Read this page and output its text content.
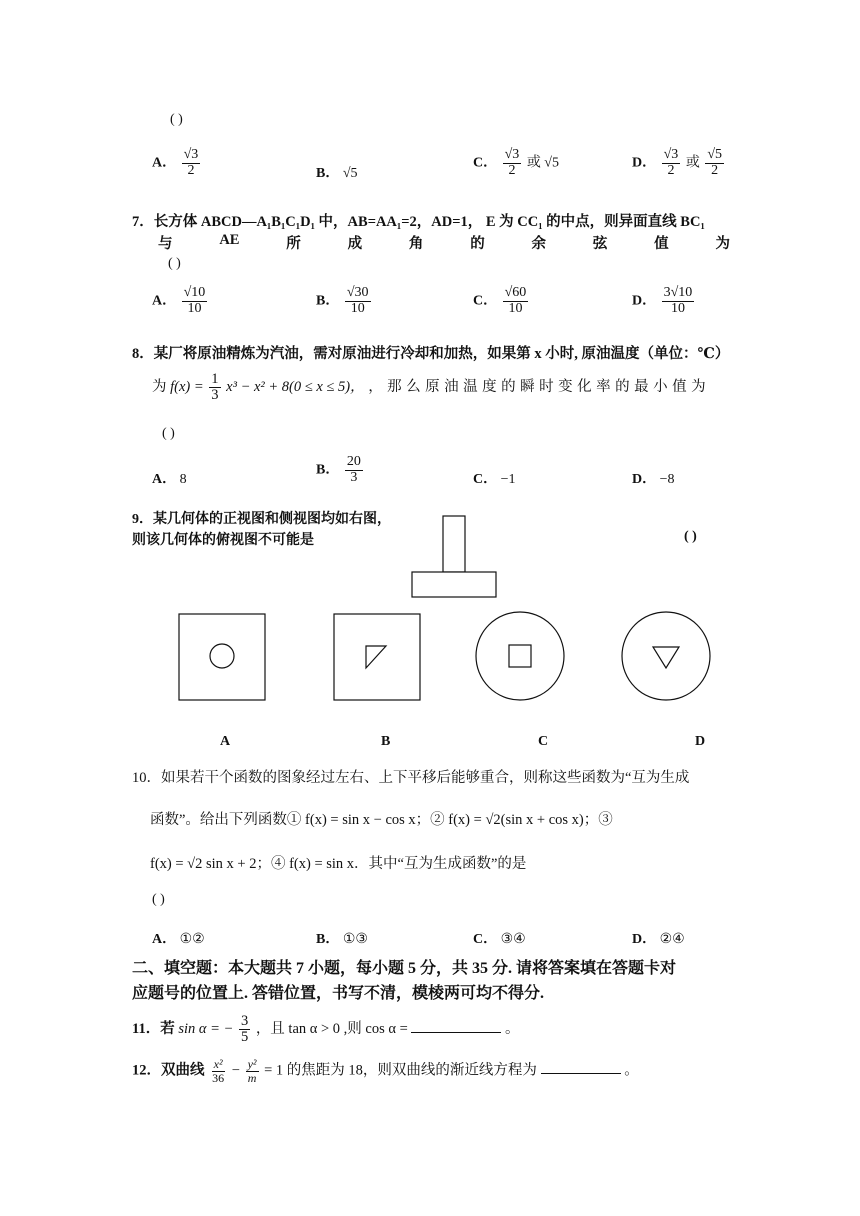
( )
A． $\frac{√3}{2}$	B． √5
C． $\frac{√3}{2}$ 或 √5	D． $\frac{√3}{2}$ 或 $\frac{√5}{2}$
7．长方体 ABCD—A₁B₁C₁D₁ 中，AB=AA₁=2，AD=1， E 为 CC₁ 的中点，则异面直线 BC₁
与	AE	所	成	角	的	余	弦	值	为
( )
A． $\frac{√10}{10}$	B． $\frac{√30}{10}$	C． $\frac{√60}{10}$	D． $\frac{3√10}{10}$
8．某厂将原油精炼为汽油，需对原油进行冷却和加热，如果第 x 小时, 原油温度（单位：℃）
为 $f(x) = \frac{1}{3} x^3 - x^2 + 8(0 \le x \le 5)$， ，那么原油温度的瞬时变化率的最小值为
( )
A． 8
B． $\frac{20}{3}$	C． −1	D． −8
9．某几何体的正视图和侧视图均如右图，
则该几何体的俯视图不可能是	( )
A	B	C	D
10．如果若干个函数的图象经过左右、上下平移后能够重合，则称这些函数为“互为生成
函数”。给出下列函数① f(x) = sin x − cos x；② f(x) = √2(sin x + cos x)；③
f(x) = √2 sin x + 2；④ f(x) = sin x．其中“互为生成函数”的是
( )
A． ①②	B． ①③	C． ③④	D． ②④
二、填空题：本大题共 7 小题，每小题 5 分，共 35 分. 请将答案填在答题卡对
应题号的位置上. 答错位置，书写不清，模棱两可均不得分.
11．若 sin α = − $\frac{3}{5}$ ，且 tan α > 0 ,则 cos α =	。
12．双曲线 $\frac{\text{x²}}{36} - \frac{\text{y²}}{m} = 1$ 的焦距为 18，则双曲线的渐近线方程为	。
